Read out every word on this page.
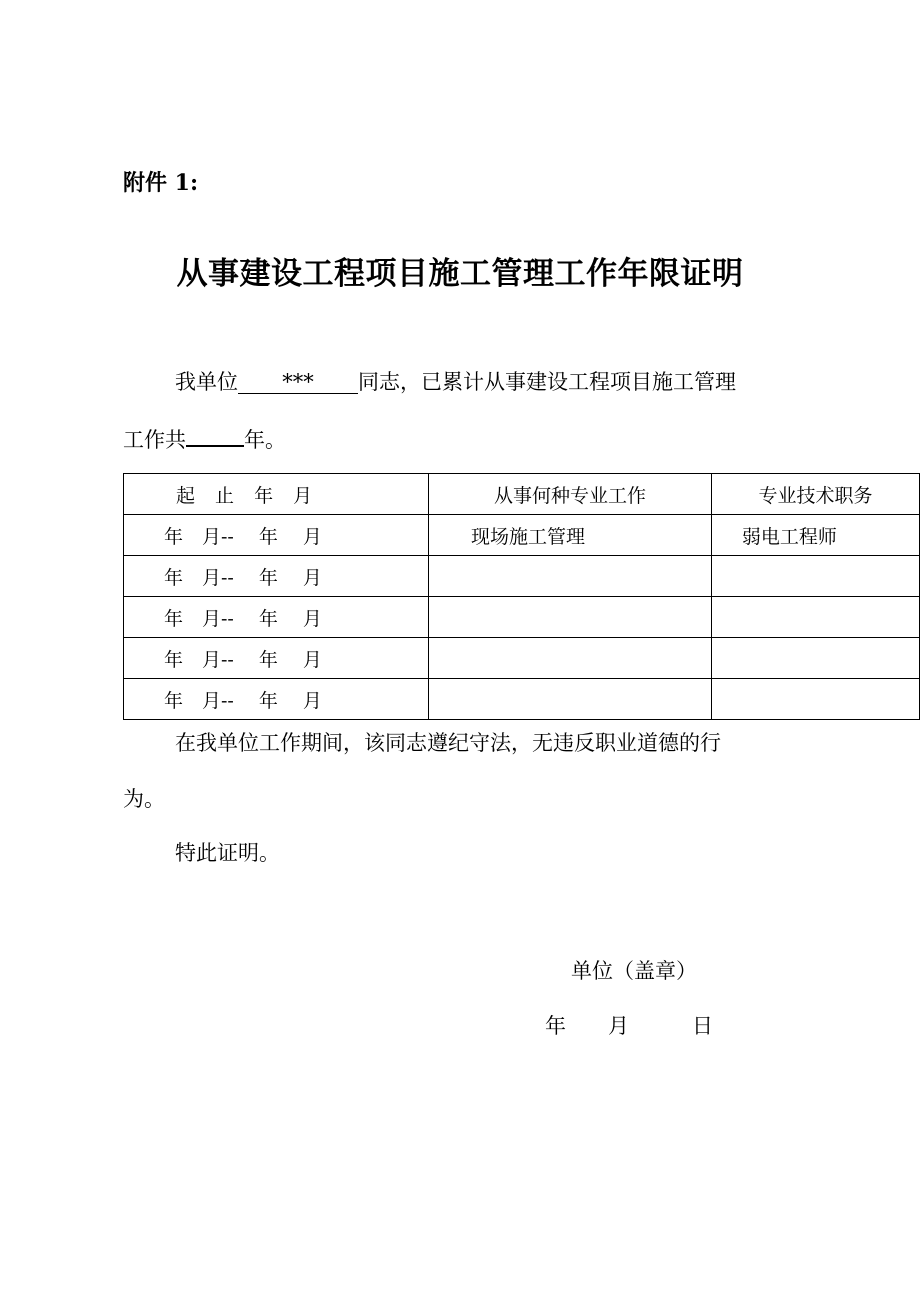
附件 1:
从事建设工程项目施工管理工作年限证明
我单位 *** 同志，已累计从事建设工程项目施工管理
工作共	年。
起 止 年 月	从事何种专业工作	专业技术职务
年　月--　 年　 月	现场施工管理	弱电工程师
年　月--　 年　 月		
年　月--　 年　 月		
年　月--　 年　 月		
年　月--　 年　 月		
在我单位工作期间，该同志遵纪守法，无违反职业道德的行
为。
特此证明。
单位（盖章）
年　　月　　　日
